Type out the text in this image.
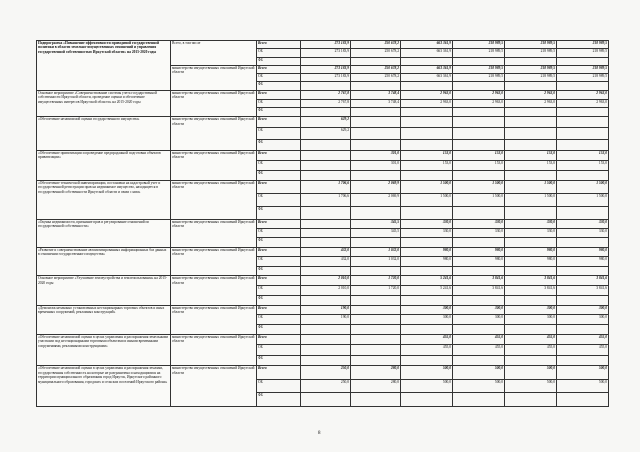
Подпрограмма «Повышение эффективности проводимой государственной политики в области земельно-имущественных отношений и управления государственной собственностью Иркутской области» на 2015-2020 годы	Всего, в том числе	Всего	273 183,9	250 678,2	663 361,9	218 989,5	218 989,5	218 989,5
		ОБ	273 183,9	250 678,2	663 361,9	218 989,5	218 989,5	218 989,5
		ФБ						
	министерство имущественных отношений Иркутской области	Всего	273 183,9	250 678,2	663 361,9	218 989,5	218 989,5	218 989,5
		ОБ	273 183,9	250 678,2	663 361,9	218 989,5	218 989,5	218 989,5
		ФБ						
Основное мероприятие «Совершенствование системы учета государственной собственности Иркутской области, проведение оценки и обеспечение имущественных интересов Иркутской области» на 2015-2020 годы	министерство имущественных отношений Иркутской области	Всего	2 767,8	3 748,4	2 963,0	2 963,0	2 963,0	2 963,0
		ОБ	2 767,8	3 748,4	2 963,0	2 963,0	2 963,0	2 963,0
		ФБ						
«Обеспечение независимой оценки государственного имущества»	министерство имущественных отношений Иркутской области	Всего	629,2					
		ОБ	629,2					
		ФБ						
«Обеспечение приватизации и проведение предпродажной подготовки объектов приватизации»	министерство имущественных отношений Иркутской области	Всего		301,0	153,0	153,0	153,0	153,0
		ОБ		301,0	153,0	153,0	153,0	153,0
		ФБ						
«Обеспечение технической инвентаризации, постановки на кадастровый учет и государственной регистрации прав на недвижимое имущество, находящееся в государственной собственности Иркутской области и связи с ним»	министерство имущественных отношений Иркутской области	Всего	1 706,6	2 069,9	1 500,0	1 500,0	1 500,0	1 500,0
		ОБ	1 706,6	2 069,9	1 500,0	1 500,0	1 500,0	1 500,0
		ФБ						
«Оценка недвижимости, признание прав и регулирование отношений по государственной собственности»	министерство имущественных отношений Иркутской области	Всего		345,5	330,0	330,0	330,0	330,0
		ОБ		345,5	330,0	330,0	330,0	330,0
		ФБ						
«Развитие и совершенствование автоматизированных информационных баз данных в отношении государственного имущества»	министерство имущественных отношений Иркутской области	Всего	432,0	1 032,0	980,0	980,0	980,0	980,0
		ОБ	432,0	1 032,0	980,0	980,0	980,0	980,0
		ФБ						
Основное мероприятие «Улучшение землеустройства и землепользования» на 2015-2020 годы	министерство имущественных отношений Иркутской области	Всего	2 010,0	1 720,0	5 241,6	3 841,6	3 841,6	3 841,6
		ОБ	2 010,0	1 720,0	5 241,6	3 841,6	3 841,6	3 841,6
		ФБ						
«Демонтаж незаконно установленных нестационарных торговых объектов и иных временных сооружений, рекламных конструкций»	министерство имущественных отношений Иркутской области	Всего	190,0		300,0	300,0	300,0	300,0
		ОБ	190,0		300,0	300,0	300,0	300,0
		ФБ						
«Обеспечение независимой оценки в целях управления и распоряжения земельными участками под нестационарными торговыми объектами и иными временными сооружениями, рекламными конструкциями»	министерство имущественных отношений Иркутской области	Всего			455,0	455,0	455,0	455,0
		ОБ			455,0	455,0	455,0	455,0
		ФБ						
«Обеспечение независимой оценки в целях управления и распоряжения землями, государственная собственность на которые не разграничена и находящимися на территории муниципального образования город Иркутск, Иркутского районного муниципального образования, городских и сельских поселений Иркутского района»	министерство имущественных отношений Иркутской области	Всего	250,0	280,0	500,0	500,0	500,0	500,0
		ОБ	250,0	280,0	500,0	500,0	500,0	500,0
		ФБ						
8
